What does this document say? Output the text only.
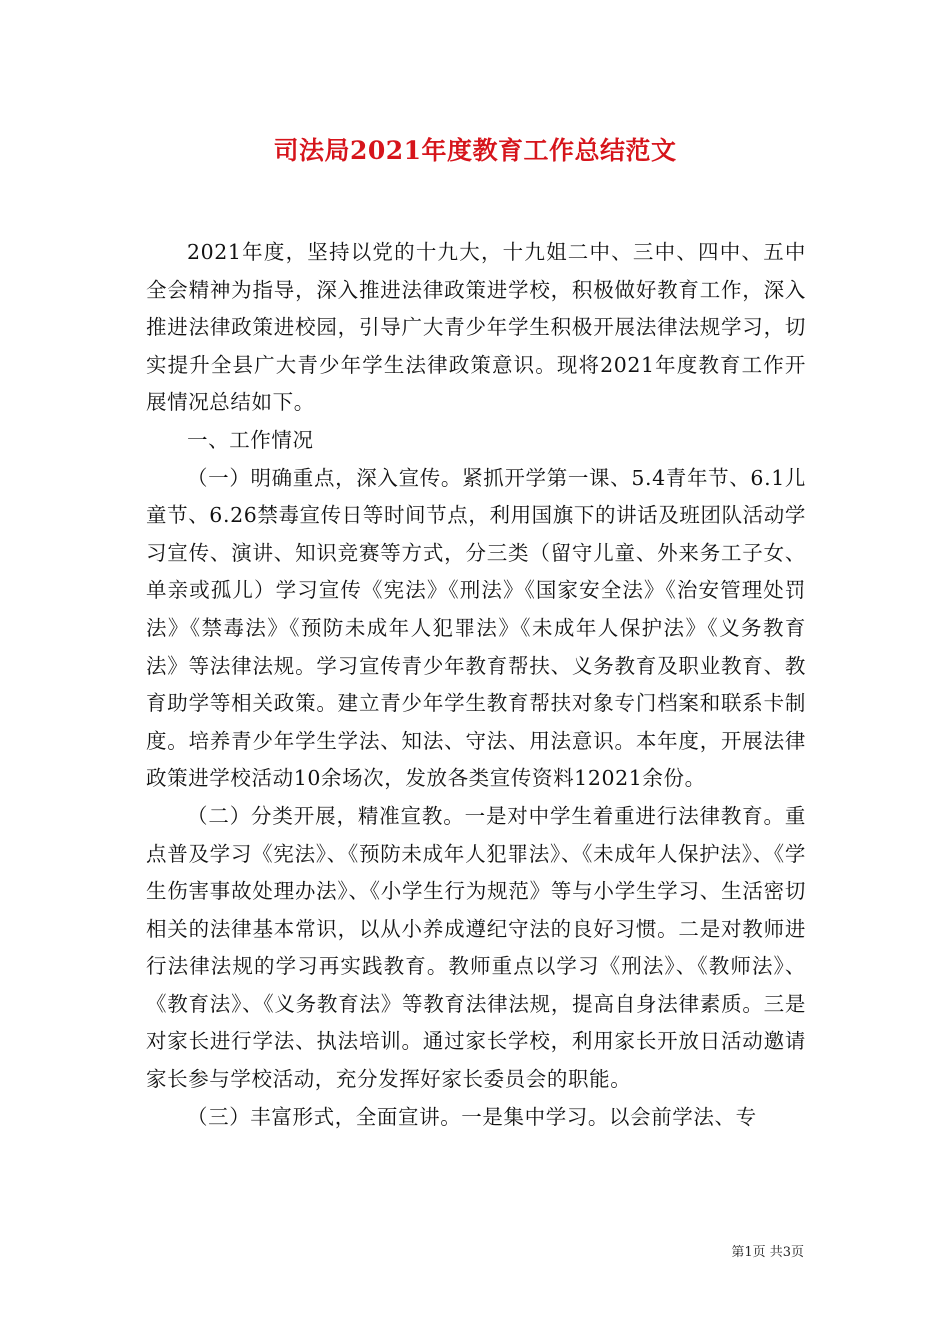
司法局2021年度教育工作总结范文

2021年度，坚持以党的十九大，十九姐二中、三中、四中、五中全会精神为指导，深入推进法律政策进学校，积极做好教育工作，深入推进法律政策进校园，引导广大青少年学生积极开展法律法规学习，切实提升全县广大青少年学生法律政策意识。现将2021年度教育工作开展情况总结如下。

一、工作情况

（一）明确重点，深入宣传。紧抓开学第一课、5.4青年节、6.1儿童节、6.26禁毒宣传日等时间节点，利用国旗下的讲话及班团队活动学习宣传、演讲、知识竞赛等方式，分三类（留守儿童、外来务工子女、单亲或孤儿）学习宣传《宪法》《刑法》《国家安全法》《治安管理处罚法》《禁毒法》《预防未成年人犯罪法》《未成年人保护法》《义务教育法》等法律法规。学习宣传青少年教育帮扶、义务教育及职业教育、教育助学等相关政策。建立青少年学生教育帮扶对象专门档案和联系卡制度。培养青少年学生学法、知法、守法、用法意识。本年度，开展法律政策进学校活动10余场次，发放各类宣传资料12021余份。

（二）分类开展，精准宣教。一是对中学生着重进行法律教育。重点普及学习《宪法》、《预防未成年人犯罪法》、《未成年人保护法》、《学生伤害事故处理办法》、《小学生行为规范》等与小学生学习、生活密切相关的法律基本常识，以从小养成遵纪守法的良好习惯。二是对教师进行法律法规的学习再实践教育。教师重点以学习《刑法》、《教师法》、《教育法》、《义务教育法》等教育法律法规，提高自身法律素质。三是对家长进行学法、执法培训。通过家长学校，利用家长开放日活动邀请家长参与学校活动，充分发挥好家长委员会的职能。

（三）丰富形式，全面宣讲。一是集中学习。以会前学法、专

第1页 共3页
